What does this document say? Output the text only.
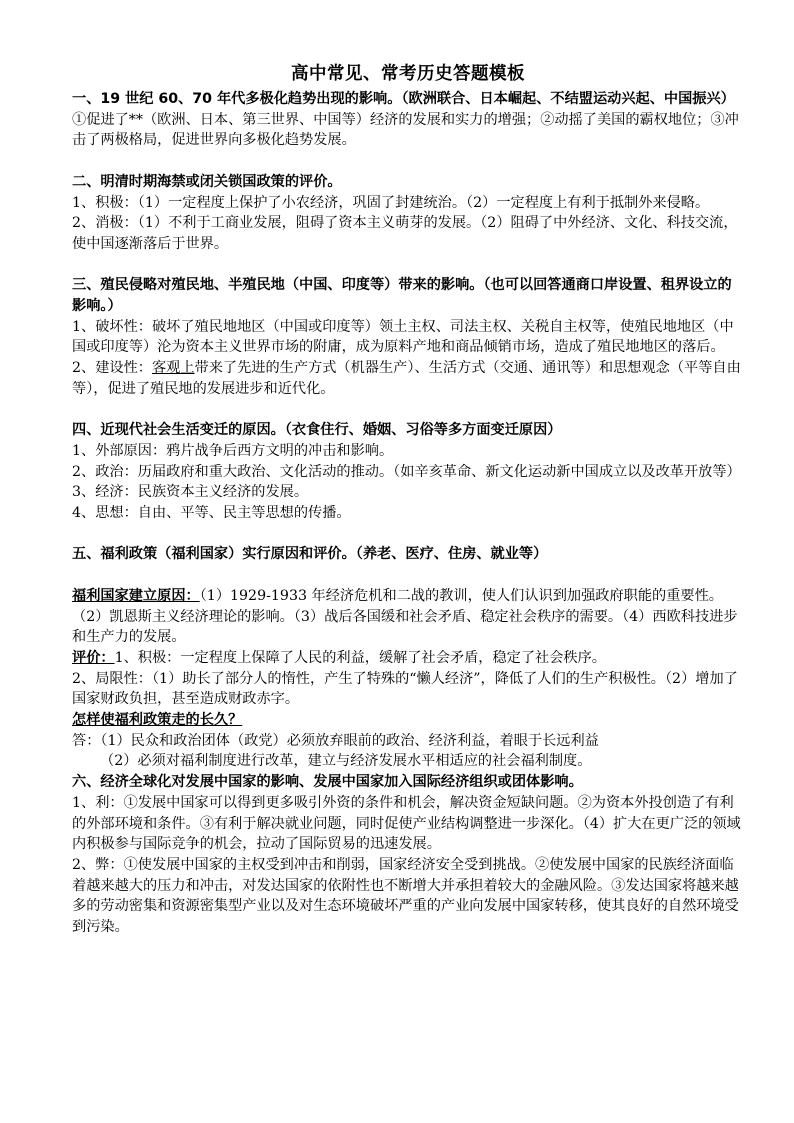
高中常见、常考历史答题模板
一、19 世纪 60、70 年代多极化趋势出现的影响。（欧洲联合、日本崛起、不结盟运动兴起、中国振兴）
①促进了**（欧洲、日本、第三世界、中国等）经济的发展和实力的增强；②动摇了美国的霸权地位；③冲击了两极格局，促进世界向多极化趋势发展。
二、明清时期海禁或闭关锁国政策的评价。
1、积极：（1）一定程度上保护了小农经济，巩固了封建统治。（2）一定程度上有利于抵制外来侵略。
2、消极：（1）不利于工商业发展，阻碍了资本主义萌芽的发展。（2）阻碍了中外经济、文化、科技交流，使中国逐渐落后于世界。
三、殖民侵略对殖民地、半殖民地（中国、印度等）带来的影响。（也可以回答通商口岸设置、租界设立的影响。）
1、破坏性：破坏了殖民地地区（中国或印度等）领土主权、司法主权、关税自主权等，使殖民地地区（中国或印度等）沦为资本主义世界市场的附庸，成为原料产地和商品倾销市场，造成了殖民地地区的落后。
2、建设性：客观上带来了先进的生产方式（机器生产）、生活方式（交通、通讯等）和思想观念（平等自由等），促进了殖民地的发展进步和近代化。
四、近现代社会生活变迁的原因。（衣食住行、婚姻、习俗等多方面变迁原因）
1、外部原因：鸦片战争后西方文明的冲击和影响。
2、政治：历届政府和重大政治、文化活动的推动。（如辛亥革命、新文化运动新中国成立以及改革开放等）
3、经济：民族资本主义经济的发展。
4、思想：自由、平等、民主等思想的传播。
五、福利政策（福利国家）实行原因和评价。（养老、医疗、住房、就业等）
福利国家建立原因：（1）1929-1933 年经济危机和二战的教训，使人们认识到加强政府职能的重要性。（2）凯恩斯主义经济理论的影响。（3）战后各国缓和社会矛盾、稳定社会秩序的需要。（4）西欧科技进步和生产力的发展。
评价：1、积极：一定程度上保障了人民的利益，缓解了社会矛盾，稳定了社会秩序。
2、局限性：（1）助长了部分人的惰性，产生了特殊的“懒人经济”，降低了人们的生产积极性。（2）增加了国家财政负担，甚至造成财政赤字。
怎样使福利政策走的长久？
答：（1）民众和政治团体（政党）必须放弃眼前的政治、经济利益，着眼于长远利益
（2）必须对福利制度进行改革，建立与经济发展水平相适应的社会福利制度。
六、经济全球化对发展中国家的影响、发展中国家加入国际经济组织或团体影响。
1、利：①发展中国家可以得到更多吸引外资的条件和机会，解决资金短缺问题。②为资本外投创造了有利的外部环境和条件。③有利于解决就业问题，同时促使产业结构调整进一步深化。（4）扩大在更广泛的领域内积极参与国际竞争的机会，拉动了国际贸易的迅速发展。
2、弊：①使发展中国家的主权受到冲击和削弱，国家经济安全受到挑战。②使发展中国家的民族经济面临着越来越大的压力和冲击，对发达国家的依附性也不断增大并承担着较大的金融风险。③发达国家将越来越多的劳动密集和资源密集型产业以及对生态环境破坏严重的产业向发展中国家转移，使其良好的自然环境受到污染。
